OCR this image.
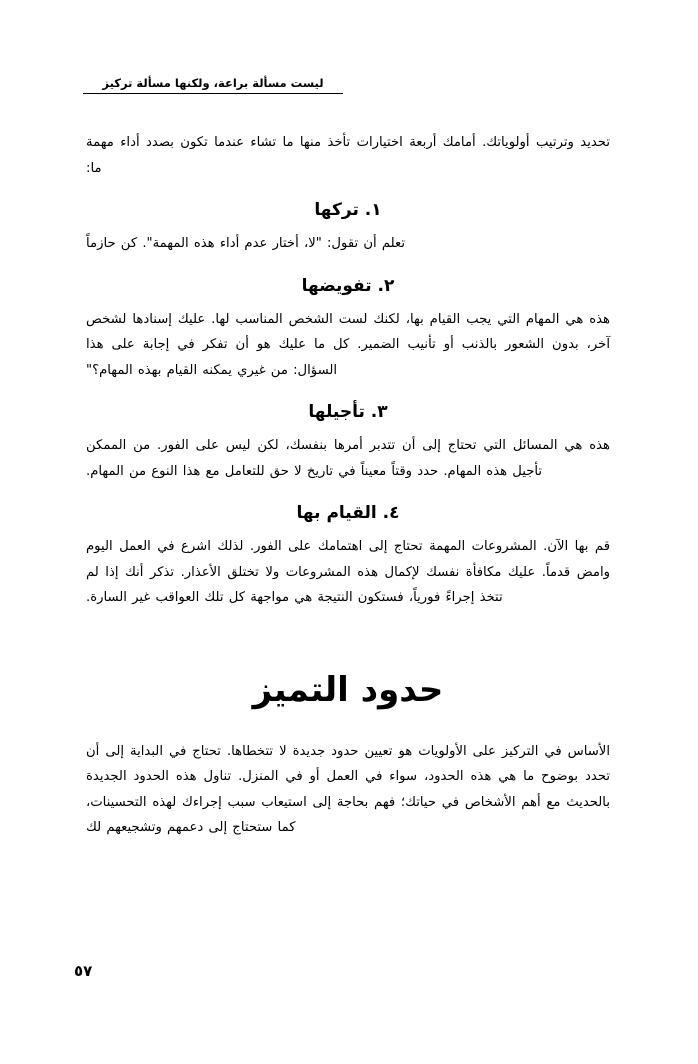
ليست مسألة براعة، ولكنها مسألة تركيز

تحديد وترتيب أولوياتك. أمامك أربعة اختيارات تأخذ منها ما تشاء عندما تكون بصدد أداء مهمة ما:

١. تركها

تعلم أن تقول: "لا، أختار عدم أداء هذه المهمة". كن حازماً

٢. تفويضها

هذه هي المهام التي يجب القيام بها، لكنك لست الشخص المناسب لها. عليك إسنادها لشخص آخر، بدون الشعور بالذنب أو تأنيب الضمير. كل ما عليك هو أن تفكر في إجابة على هذا السؤال: من غيري يمكنه القيام بهذه المهام؟"

٣. تأجيلها

هذه هي المسائل التي تحتاج إلى أن تتدبر أمرها بنفسك، لكن ليس على الفور. من الممكن تأجيل هذه المهام. حدد وقتاً معيناً في تاريخ لا حق للتعامل مع هذا النوع من المهام.

٤. القيام بها

قم بها الآن. المشروعات المهمة تحتاج إلى اهتمامك على الفور. لذلك اشرع في العمل اليوم وامض قدماً. عليك مكافأة نفسك لإكمال هذه المشروعات ولا تختلق الأعذار. تذكر أنك إذا لم تتخذ إجراءً فورياً، فستكون النتيجة هي مواجهة كل تلك العواقب غير السارة.

حدود التميز

الأساس في التركيز على الأولويات هو تعيين حدود جديدة لا تتخطاها. تحتاج في البداية إلى أن تحدد بوضوح ما هي هذه الحدود، سواء في العمل أو في المنزل. تناول هذه الحدود الجديدة بالحديث مع أهم الأشخاص في حياتك؛ فهم بحاجة إلى استيعاب سبب إجراءك لهذه التحسينات، كما ستحتاج إلى دعمهم وتشجيعهم لك

٥٧
